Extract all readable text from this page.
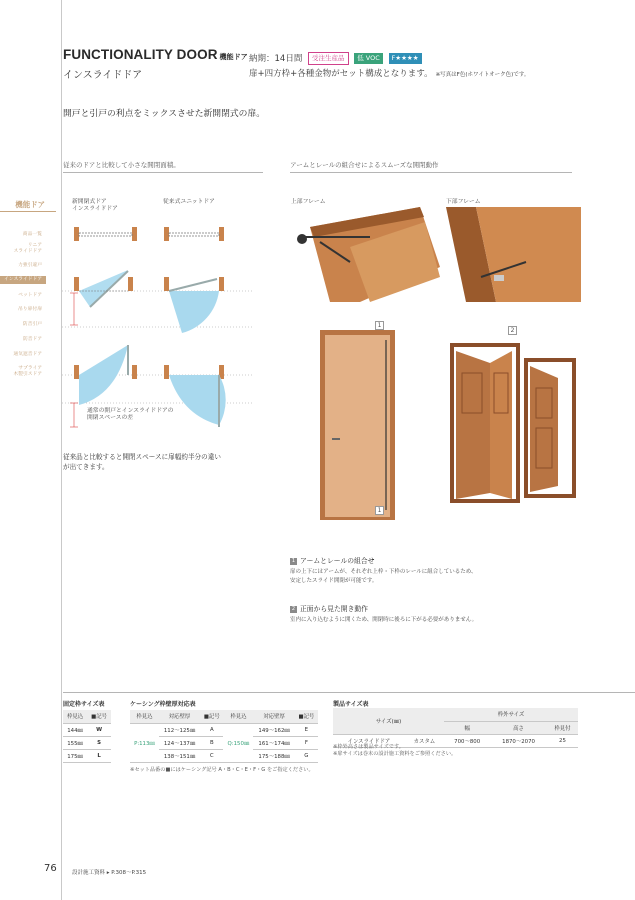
FUNCTIONALITY DOOR 機能ドア
インスライドドア
納期：14日間 受注生産品 低 VOC F★★★★
扉+四方枠+各種金物がセット構成となります。 ※写真はF色(ホワイトオーク色)です。
開戸と引戸の利点をミックスさせた新開閉式の扉。
従来のドアと比較して小さな開閉面積。	アームとレールの組合せによるスムーズな開閉動作
機能ドア
商品一覧
リニア
スライドドア
力強引違戸
インスライドドア
ペットドア
吊り扉付扉
防音引戸
防音ドア
通気遮音ドア
サプライア
木製引スドア
新開閉式ドア
インスライドドア
従来式ユニットドア
通常の開戸とインスライドドアの
開閉スペースの差
従来品と比較すると開閉スペースに扉幅約半分の違い
が出てきます。
上部フレーム	下部フレーム
1
1
2
1 アームとレールの組合せ
扉の上下にはアームが、それぞれ上枠・下枠のレールに組合しているため、
安定したスライド開閉が可能です。
2 正面から見た開き動作
室内に入り込むように開くため、開閉時に後ろに下がる必要がありません。
固定枠サイズ表
枠見込	■記号
144㎜	W
155㎜	S
175㎜	L
ケーシング枠壁厚対応表
枠見込	対応壁厚	■記号	枠見込	対応壁厚	■記号
P:113㎜	112〜125㎜	A	Q:150㎜	149〜162㎜	E
	124〜137㎜	B		161〜174㎜	F
	138〜151㎜	C		175〜188㎜	G
※セット品番の■にはケーシング記号 A・B・C・E・F・G をご指定ください。
製品サイズ表
サイズ(㎜)		枠外サイズ		
		幅	高さ	枠見付
インスライドドア	カスタム	700〜800	1870〜2070	25
※枠外高さは製品サイズです。
※扉サイズは巻末の設計施工資料をご参照ください。
76	設計施工資料 ▸ P.308〜P.315
